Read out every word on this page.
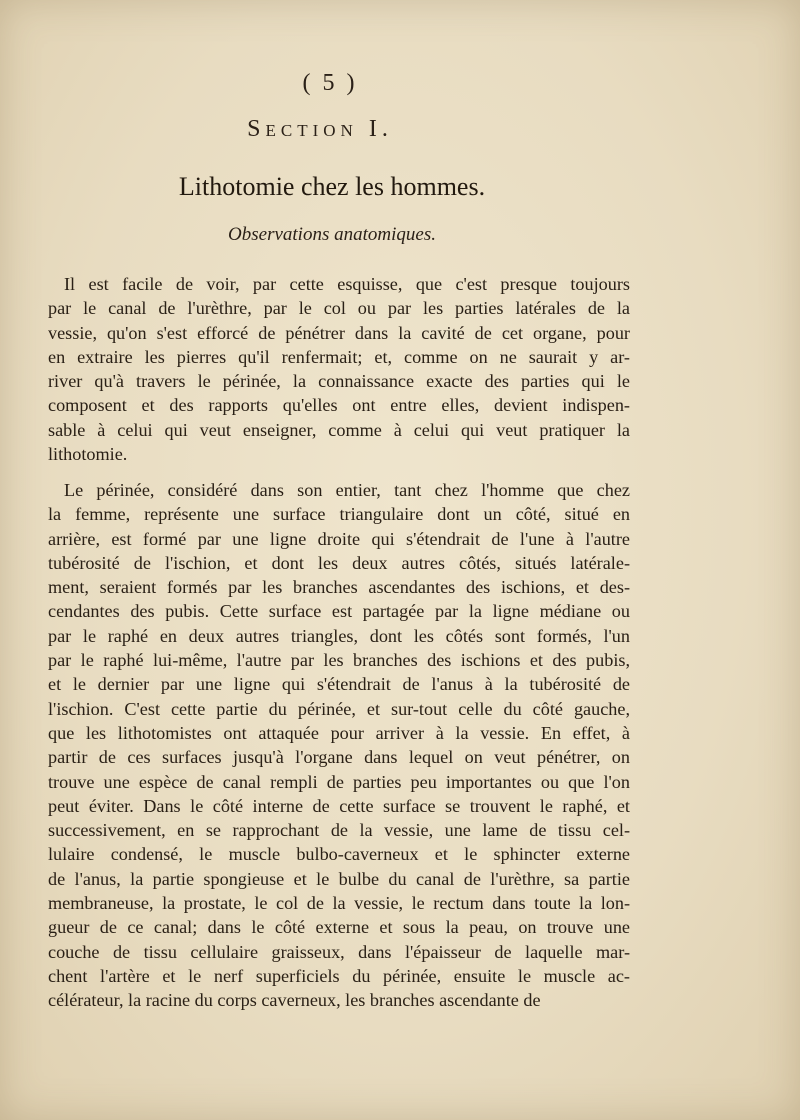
( 5 )
Section I.
Lithotomie chez les hommes.
Observations anatomiques.
Il est facile de voir, par cette esquisse, que c'est presque toujours
par le canal de l'urèthre, par le col ou par les parties latérales de la
vessie, qu'on s'est efforcé de pénétrer dans la cavité de cet organe, pour
en extraire les pierres qu'il renfermait; et, comme on ne saurait y ar-
river qu'à travers le périnée, la connaissance exacte des parties qui le
composent et des rapports qu'elles ont entre elles, devient indispen-
sable à celui qui veut enseigner, comme à celui qui veut pratiquer la
lithotomie.
Le périnée, considéré dans son entier, tant chez l'homme que chez
la femme, représente une surface triangulaire dont un côté, situé en
arrière, est formé par une ligne droite qui s'étendrait de l'une à l'autre
tubérosité de l'ischion, et dont les deux autres côtés, situés latérale-
ment, seraient formés par les branches ascendantes des ischions, et des-
cendantes des pubis. Cette surface est partagée par la ligne médiane ou
par le raphé en deux autres triangles, dont les côtés sont formés, l'un
par le raphé lui-même, l'autre par les branches des ischions et des pubis,
et le dernier par une ligne qui s'étendrait de l'anus à la tubérosité de
l'ischion. C'est cette partie du périnée, et sur-tout celle du côté gauche,
que les lithotomistes ont attaquée pour arriver à la vessie. En effet, à
partir de ces surfaces jusqu'à l'organe dans lequel on veut pénétrer, on
trouve une espèce de canal rempli de parties peu importantes ou que l'on
peut éviter. Dans le côté interne de cette surface se trouvent le raphé, et
successivement, en se rapprochant de la vessie, une lame de tissu cel-
lulaire condensé, le muscle bulbo-caverneux et le sphincter externe
de l'anus, la partie spongieuse et le bulbe du canal de l'urèthre, sa partie
membraneuse, la prostate, le col de la vessie, le rectum dans toute la lon-
gueur de ce canal; dans le côté externe et sous la peau, on trouve une
couche de tissu cellulaire graisseux, dans l'épaisseur de laquelle mar-
chent l'artère et le nerf superficiels du périnée, ensuite le muscle ac-
célérateur, la racine du corps caverneux, les branches ascendante de
